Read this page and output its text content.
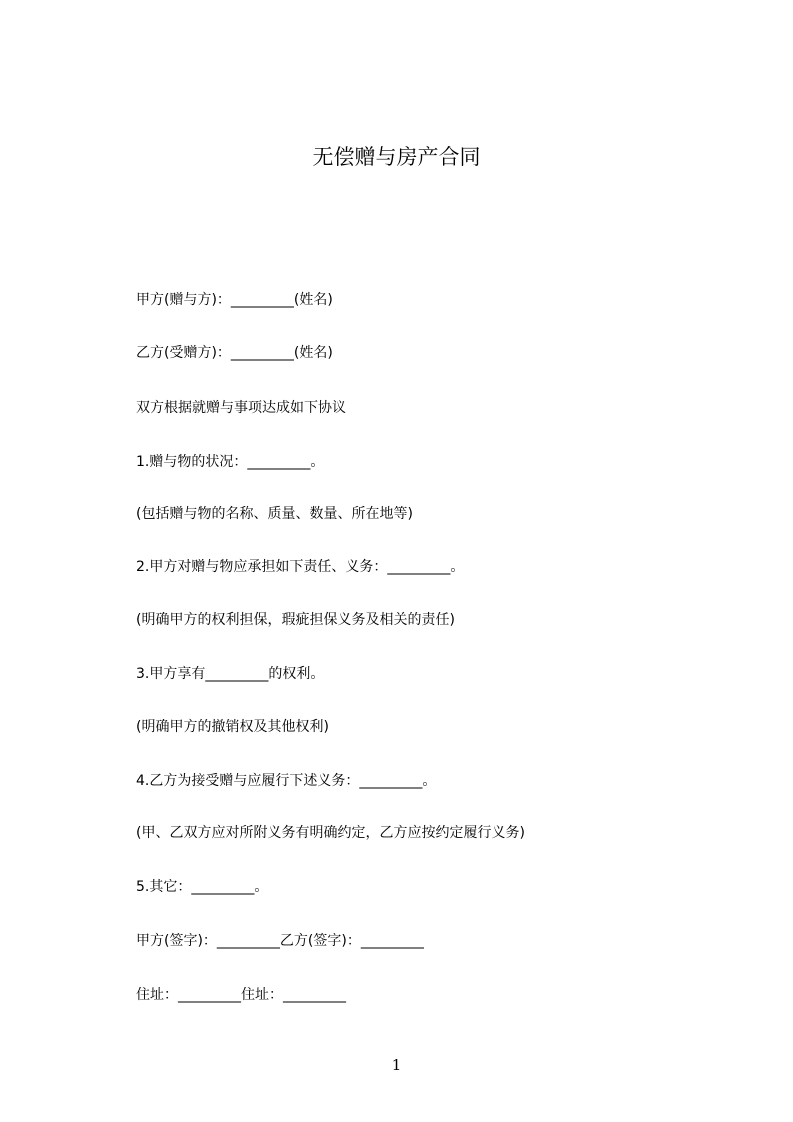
无偿赠与房产合同

甲方(赠与方)：_________(姓名)

乙方(受赠方)：_________(姓名)

双方根据就赠与事项达成如下协议

1.赠与物的状况：_________。

(包括赠与物的名称、质量、数量、所在地等)

2.甲方对赠与物应承担如下责任、义务：_________。

(明确甲方的权利担保，瑕疵担保义务及相关的责任)

3.甲方享有_________的权利。

(明确甲方的撤销权及其他权利)

4.乙方为接受赠与应履行下述义务：_________。

(甲、乙双方应对所附义务有明确约定，乙方应按约定履行义务)

5.其它：_________。

甲方(签字)：_________乙方(签字)：_________

住址：_________住址：_________

1
